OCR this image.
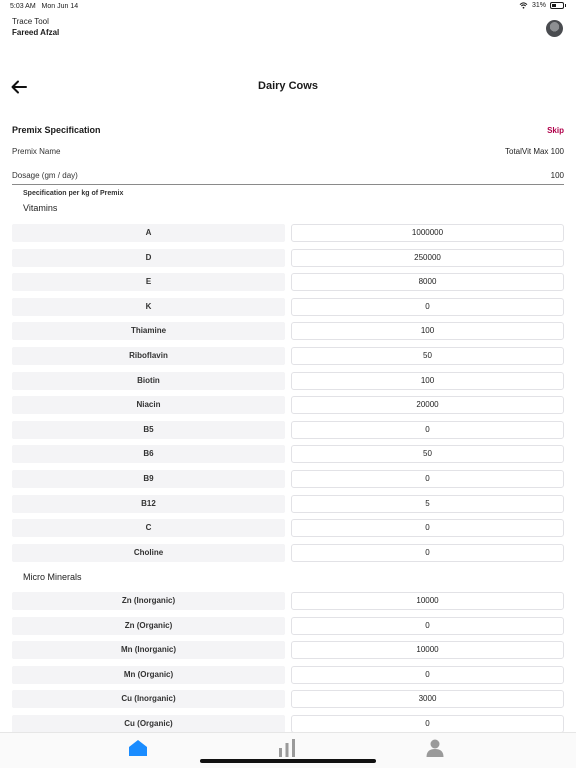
5:03 AM Mon Jun 14	31%
Trace Tool
Fareed Afzal
Dairy Cows
Premix Specification	Skip
Premix Name	TotalVit Max 100
Dosage (gm / day)	100
Specification per kg of Premix
Vitamins
A	1000000
D	250000
E	8000
K	0
Thiamine	100
Riboflavin	50
Biotin	100
Niacin	20000
B5	0
B6	50
B9	0
B12	5
C	0
Choline	0
Micro Minerals
Zn (Inorganic)	10000
Zn (Organic)	0
Mn (Inorganic)	10000
Mn (Organic)	0
Cu (Inorganic)	3000
Cu (Organic)	0
